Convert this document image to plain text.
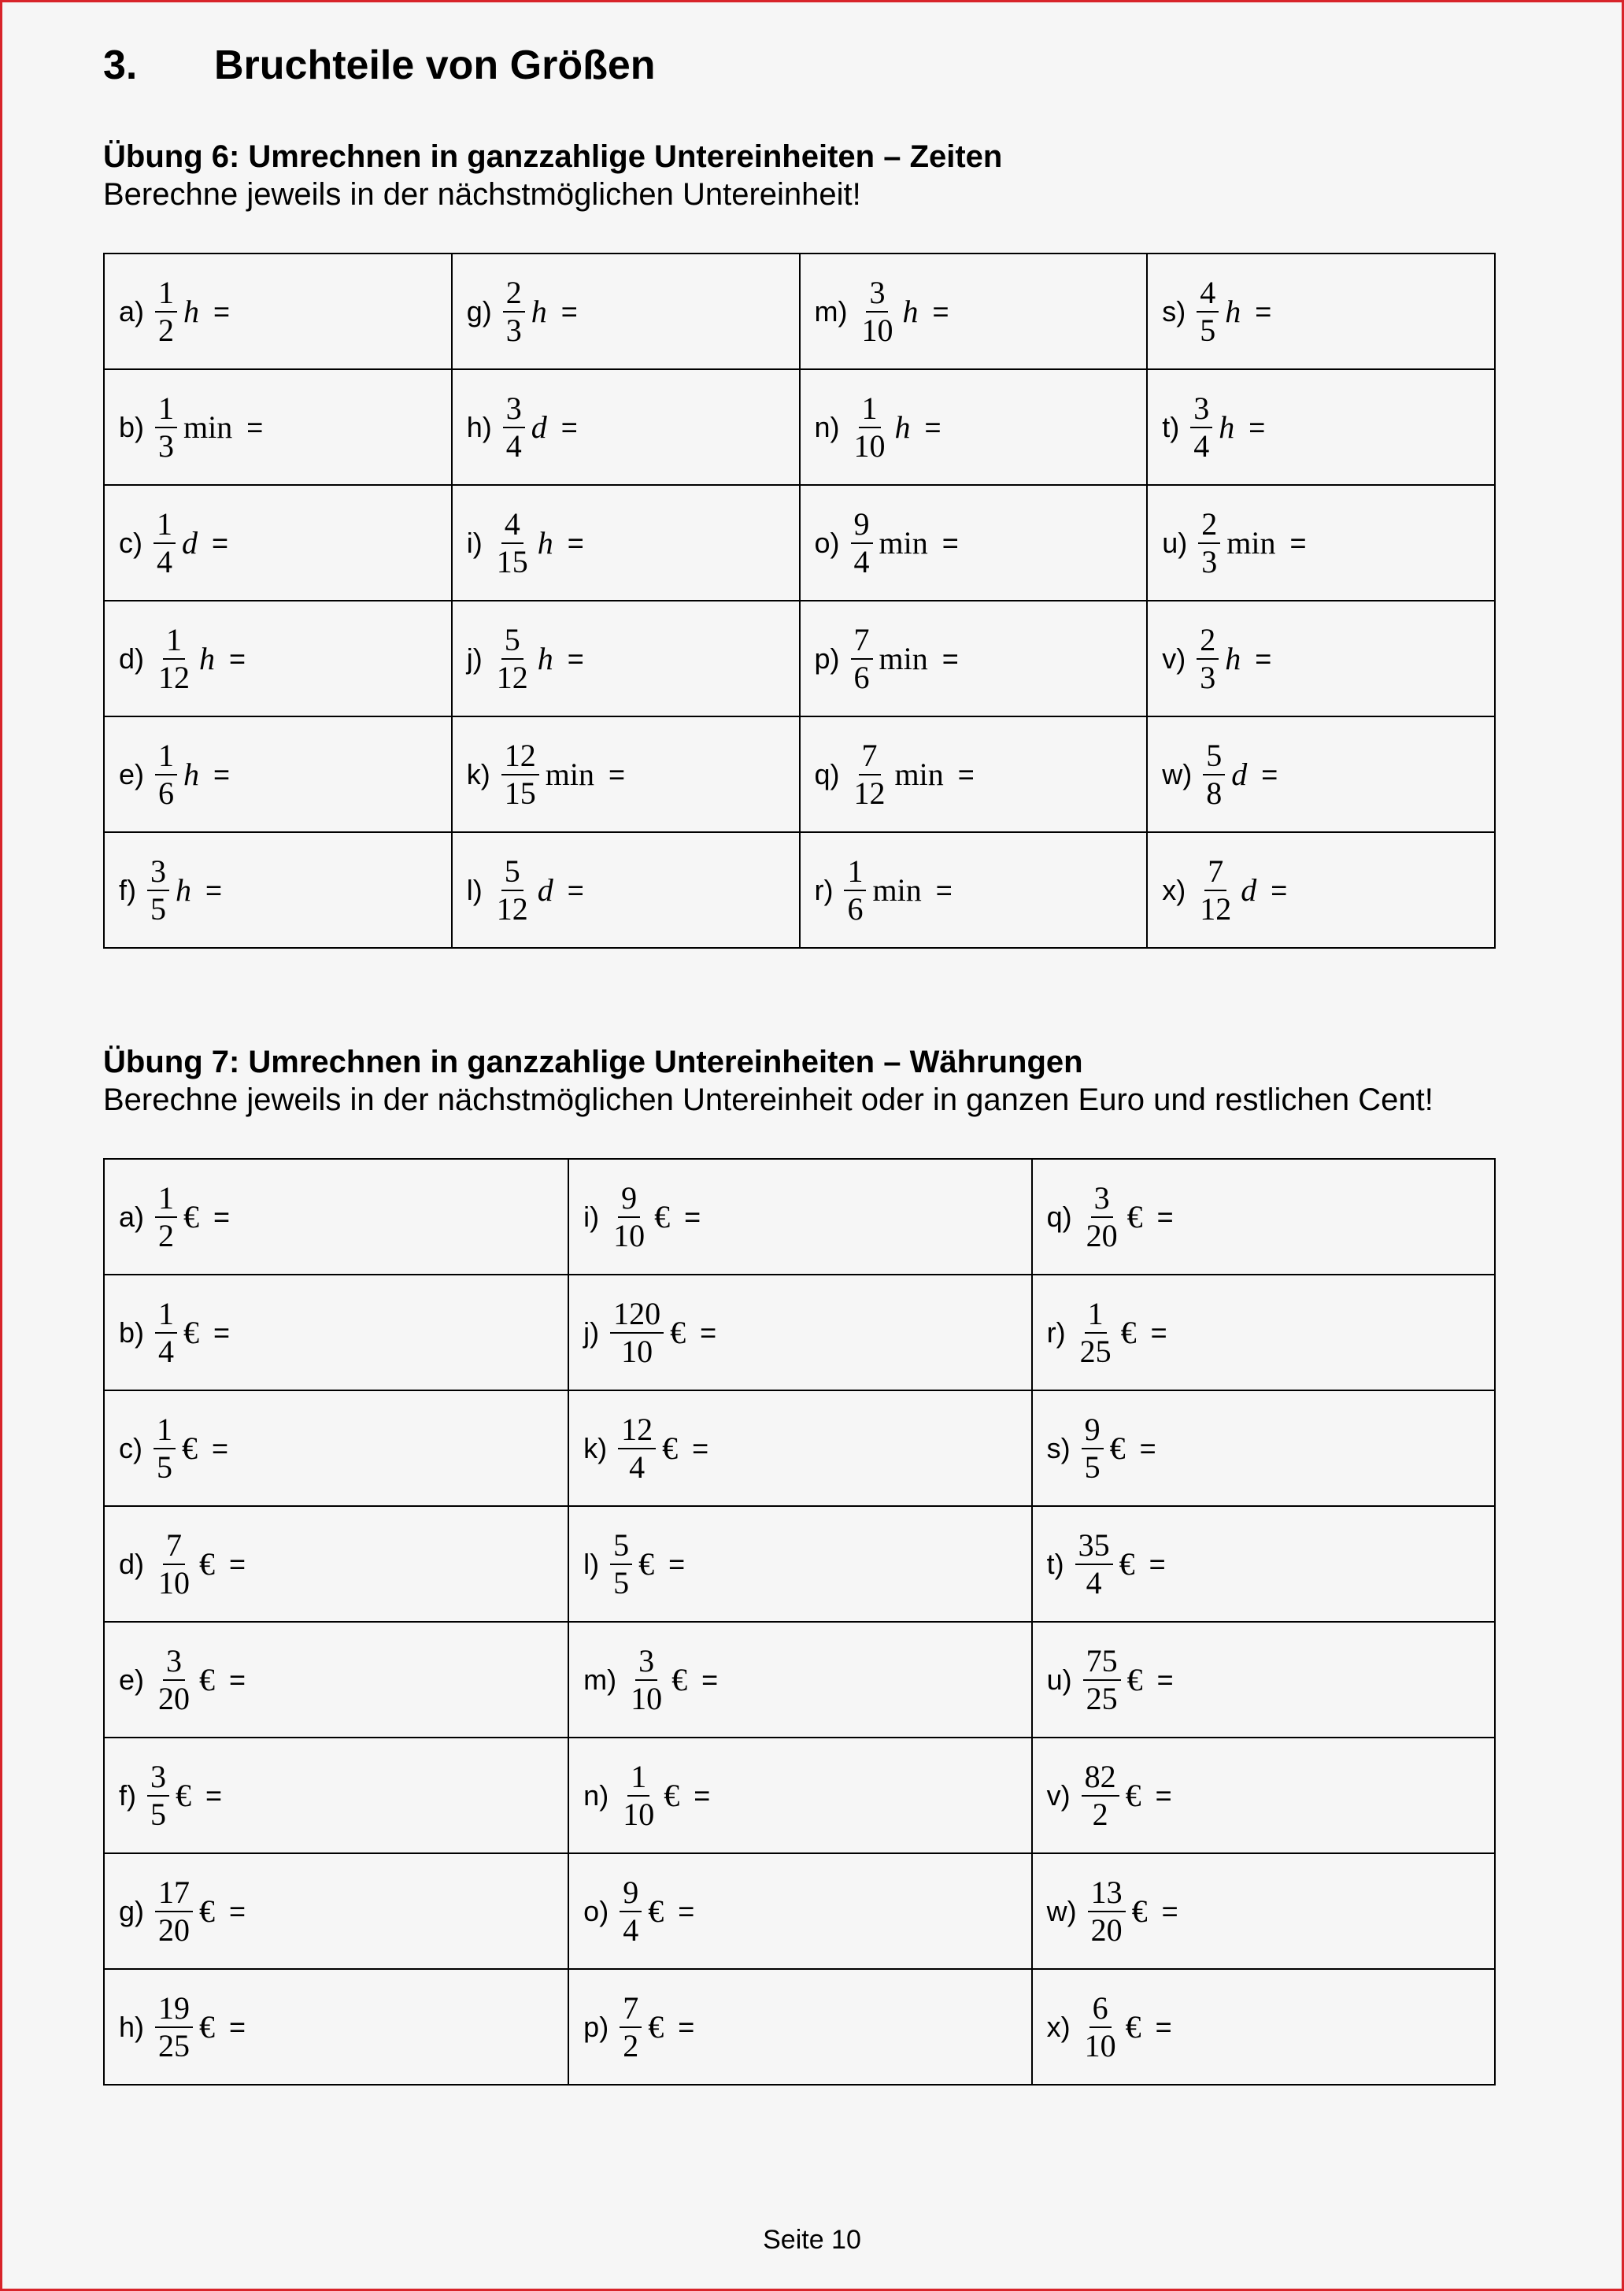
3. Bruchteile von Größen
Übung 6: Umrechnen in ganzzahlige Untereinheiten – Zeiten
Berechne jeweils in der nächstmöglichen Untereinheit!
$a) \frac{1}{2}$ h =	$g) \frac{2}{3}$ h =	$m) \frac{3}{10}$ h =	$s) \frac{4}{5}$ h =

$b) \frac{1}{3}$ min =	$h) \frac{3}{4}$ d =	$n) \frac{1}{10}$ h =	$t) \frac{3}{4}$ h =

$c) \frac{1}{4}$ d =	$i) \frac{4}{15}$ h =	$o) \frac{9}{4}$ min =	$u) \frac{2}{3}$ min =

$d) \frac{1}{12}$ h =	$j) \frac{5}{12}$ h =	$p) \frac{7}{6}$ min =	$v) \frac{2}{3}$ h =

$e) \frac{1}{6}$ h =	$k) \frac{12}{15}$ min =	$q) \frac{7}{12}$ min =	$w) \frac{5}{8}$ d =

$f) \frac{3}{5}$ h =	$l) \frac{5}{12}$ d =	$r) \frac{1}{6}$ min =	$x) \frac{7}{12}$ d =
Übung 7: Umrechnen in ganzzahlige Untereinheiten – Währungen
Berechne jeweils in der nächstmöglichen Untereinheit oder in ganzen Euro und restlichen Cent!
$a) \frac{1}{2}$ € =	$i) \frac{9}{10}$ € =	$q) \frac{3}{20}$ € =

$b) \frac{1}{4}$ € =	$j) \frac{120}{10}$ € =	$r) \frac{1}{25}$ € =

$c) \frac{1}{5}$ € =	$k) \frac{12}{4}$ € =	$s) \frac{9}{5}$ € =

$d) \frac{7}{10}$ € =	$l) \frac{5}{5}$ € =	$t) \frac{35}{4}$ € =

$e) \frac{3}{20}$ € =	$m) \frac{3}{10}$ € =	$u) \frac{75}{25}$ € =

$f) \frac{3}{5}$ € =	$n) \frac{1}{10}$ € =	$v) \frac{82}{2}$ € =

$g) \frac{17}{20}$ € =	$o) \frac{9}{4}$ € =	$w) \frac{13}{20}$ € =

$h) \frac{19}{25}$ € =	$p) \frac{7}{2}$ € =	$x) \frac{6}{10}$ € =
Seite 10
